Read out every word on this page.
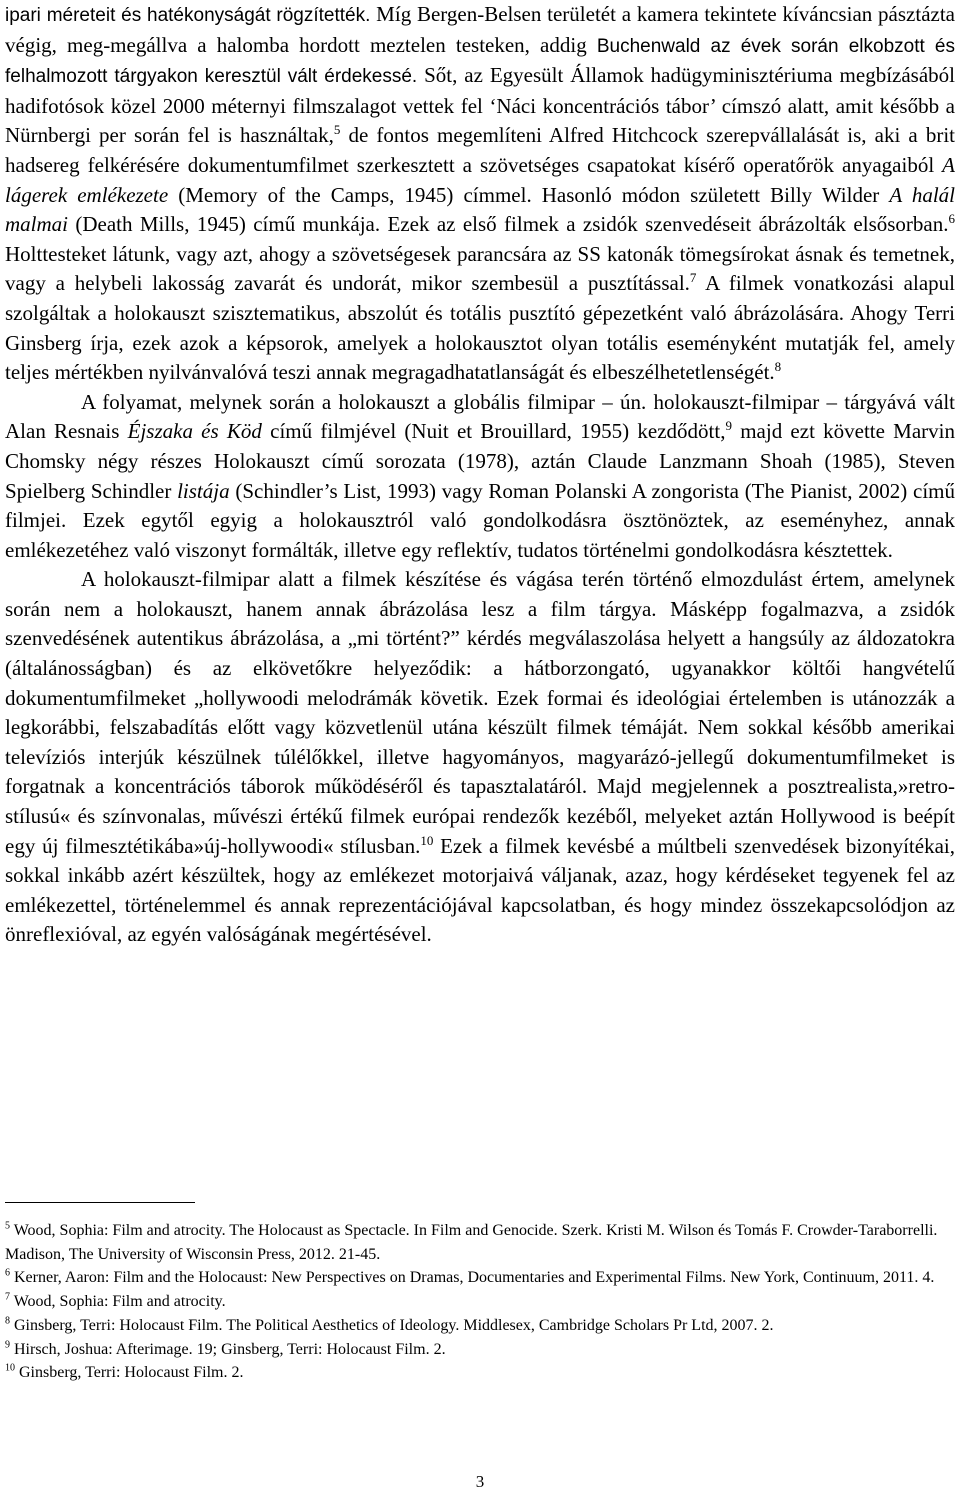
ipari méreteit és hatékonyságát rögzítették. Míg Bergen-Belsen területét a kamera tekintete kíváncsian pásztázta végig, meg-megállva a halomba hordott meztelen testeken, addig Buchenwald az évek során elkobzott és felhalmozott tárgyakon keresztül vált érdekessé. Sőt, az Egyesült Államok hadügyminisztériuma megbízásából hadifotósok közel 2000 méternyi filmszalagot vettek fel ‘Náci koncentrációs tábor’ címszó alatt, amit később a Nürnbergi per során fel is használtak,$^5$ de fontos megemlíteni Alfred Hitchcock szerepvállalását is, aki a brit hadsereg felkérésére dokumentumfilmet szerkesztett a szövetséges csapatokat kísérő operatőrök anyagaiból A lágerek emlékezete (Memory of the Camps, 1945) címmel. Hasonló módon született Billy Wilder A halál malmai (Death Mills, 1945) című munkája. Ezek az első filmek a zsidók szenvedéseit ábrázolták elsősorban.$^6$ Holttesteket látunk, vagy azt, ahogy a szövetségesek parancsára az SS katonák tömegsírokat ásnak és temetnek, vagy a helybeli lakosság zavarát és undorát, mikor szembesül a pusztítással.$^7$ A filmek vonatkozási alapul szolgáltak a holokauszt szisztematikus, abszolút és totális pusztító gépezetként való ábrázolására. Ahogy Terri Ginsberg írja, ezek azok a képsorok, amelyek a holokausztot olyan totális eseményként mutatják fel, amely teljes mértékben nyilvánvalóvá teszi annak megragadhatatlanságát és elbeszélhetetlenségét.$^8$

A folyamat, melynek során a holokauszt a globális filmipar – ún. holokauszt-filmipar – tárgyává vált Alan Resnais Éjszaka és Köd című filmjével (Nuit et Brouillard, 1955) kezdődött,$^9$ majd ezt követte Marvin Chomsky négy részes Holokauszt című sorozata (1978), aztán Claude Lanzmann Shoah (1985), Steven Spielberg Schindler listája (Schindler’s List, 1993) vagy Roman Polanski A zongorista (The Pianist, 2002) című filmjei. Ezek egytől egyig a holokausztról való gondolkodásra ösztönöztek, az eseményhez, annak emlékezetéhez való viszonyt formálták, illetve egy reflektív, tudatos történelmi gondolkodásra késztettek.

A holokauszt-filmipar alatt a filmek készítése és vágása terén történő elmozdulást értem, amelynek során nem a holokauszt, hanem annak ábrázolása lesz a film tárgya. Másképp fogalmazva, a zsidók szenvedésének autentikus ábrázolása, a „mi történt?” kérdés megválaszolása helyett a hangsúly az áldozatokra (általánosságban) és az elkövetőkre helyeződik: a hátborzongató, ugyanakkor költői hangvételű dokumentumfilmeket „hollywoodi melodrámák követik. Ezek formai és ideológiai értelemben is utánozzák a legkorábbi, felszabadítás előtt vagy közvetlenül utána készült filmek témáját. Nem sokkal később amerikai televíziós interjúk készülnek túlélőkkel, illetve hagyományos, magyarázó-jellegű dokumentumfilmeket is forgatnak a koncentrációs táborok működéséről és tapasztalatáról. Majd megjelennek a posztrealista,»retro-stílusú« és színvonalas, művészi értékű filmek európai rendezők kezéből, melyeket aztán Hollywood is beépít egy új filmesztétikába»új-hollywoodi« stílusban.$^{10}$ Ezek a filmek kevésbé a múltbeli szenvedések bizonyítékai, sokkal inkább azért készültek, hogy az emlékezet motorjaivá váljanak, azaz, hogy kérdéseket tegyenek fel az emlékezettel, történelemmel és annak reprezentációjával kapcsolatban, és hogy mindez összekapcsolódjon az önreflexióval, az egyén valóságának megértésével.

$^5$ Wood, Sophia: Film and atrocity. The Holocaust as Spectacle. In Film and Genocide. Szerk. Kristi M. Wilson és Tomás F. Crowder-Taraborrelli. Madison, The University of Wisconsin Press, 2012. 21-45.

$^6$ Kerner, Aaron: Film and the Holocaust: New Perspectives on Dramas, Documentaries and Experimental Films. New York, Continuum, 2011. 4.

$^7$ Wood, Sophia: Film and atrocity.

$^8$ Ginsberg, Terri: Holocaust Film. The Political Aesthetics of Ideology. Middlesex, Cambridge Scholars Pr Ltd, 2007. 2.

$^9$ Hirsch, Joshua: Afterimage. 19; Ginsberg, Terri: Holocaust Film. 2.

$^{10}$ Ginsberg, Terri: Holocaust Film. 2.

3
